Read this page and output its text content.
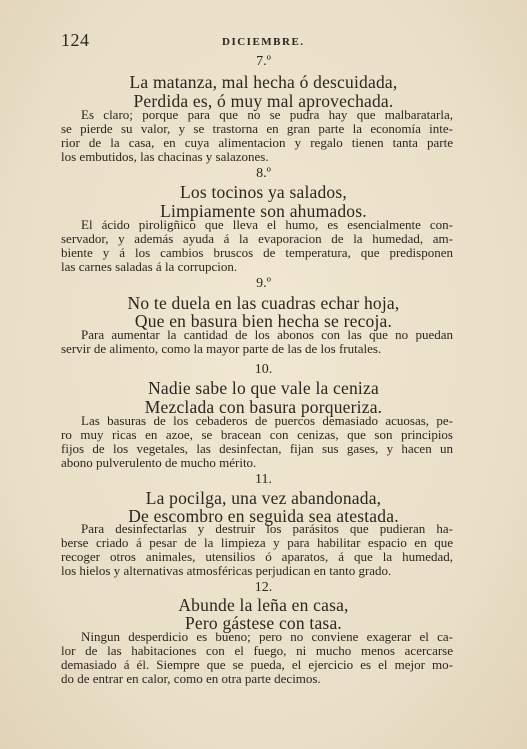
124	DICIEMBRE.
7.º
La matanza, mal hecha ó descuidada,
Perdida es, ó muy mal aprovechada.
Es claro; porque para que no se pudra hay que malbaratarla,
se pierde su valor, y se trastorna en gran parte la economía inte-
rior de la casa, en cuya alimentacion y regalo tienen tanta parte
los embutidos, las chacinas y salazones.
8.º
Los tocinos ya salados,
Limpiamente son ahumados.
El ácido piroligñico que lleva el humo, es esencialmente con-
servador, y además ayuda á la evaporacion de la humedad, am-
biente y á los cambios bruscos de temperatura, que predisponen
las carnes saladas á la corrupcion.
9.º
No te duela en las cuadras echar hoja,
Que en basura bien hecha se recoja.
Para aumentar la cantidad de los abonos con las que no puedan
servir de alimento, como la mayor parte de las de los frutales.
10.
Nadie sabe lo que vale la ceniza
Mezclada con basura porqueriza.
Las basuras de los cebaderos de puercos demasiado acuosas, pe-
ro muy ricas en azoe, se bracean con cenizas, que son principios
fijos de los vegetales, las desinfectan, fijan sus gases, y hacen un
abono pulverulento de mucho mérito.
11.
La pocilga, una vez abandonada,
De escombro en seguida sea atestada.
Para desinfectarlas y destruir los parásitos que pudieran ha-
berse criado á pesar de la limpieza y para habilitar espacio en que
recoger otros animales, utensilios ó aparatos, á que la humedad,
los hielos y alternativas atmosféricas perjudican en tanto grado.
12.
Abunde la leña en casa,
Pero gástese con tasa.
Ningun desperdicio es bueno; pero no conviene exagerar el ca-
lor de las habitaciones con el fuego, ni mucho menos acercarse
demasiado á él. Siempre que se pueda, el ejercicio es el mejor mo-
do de entrar en calor, como en otra parte decimos.
